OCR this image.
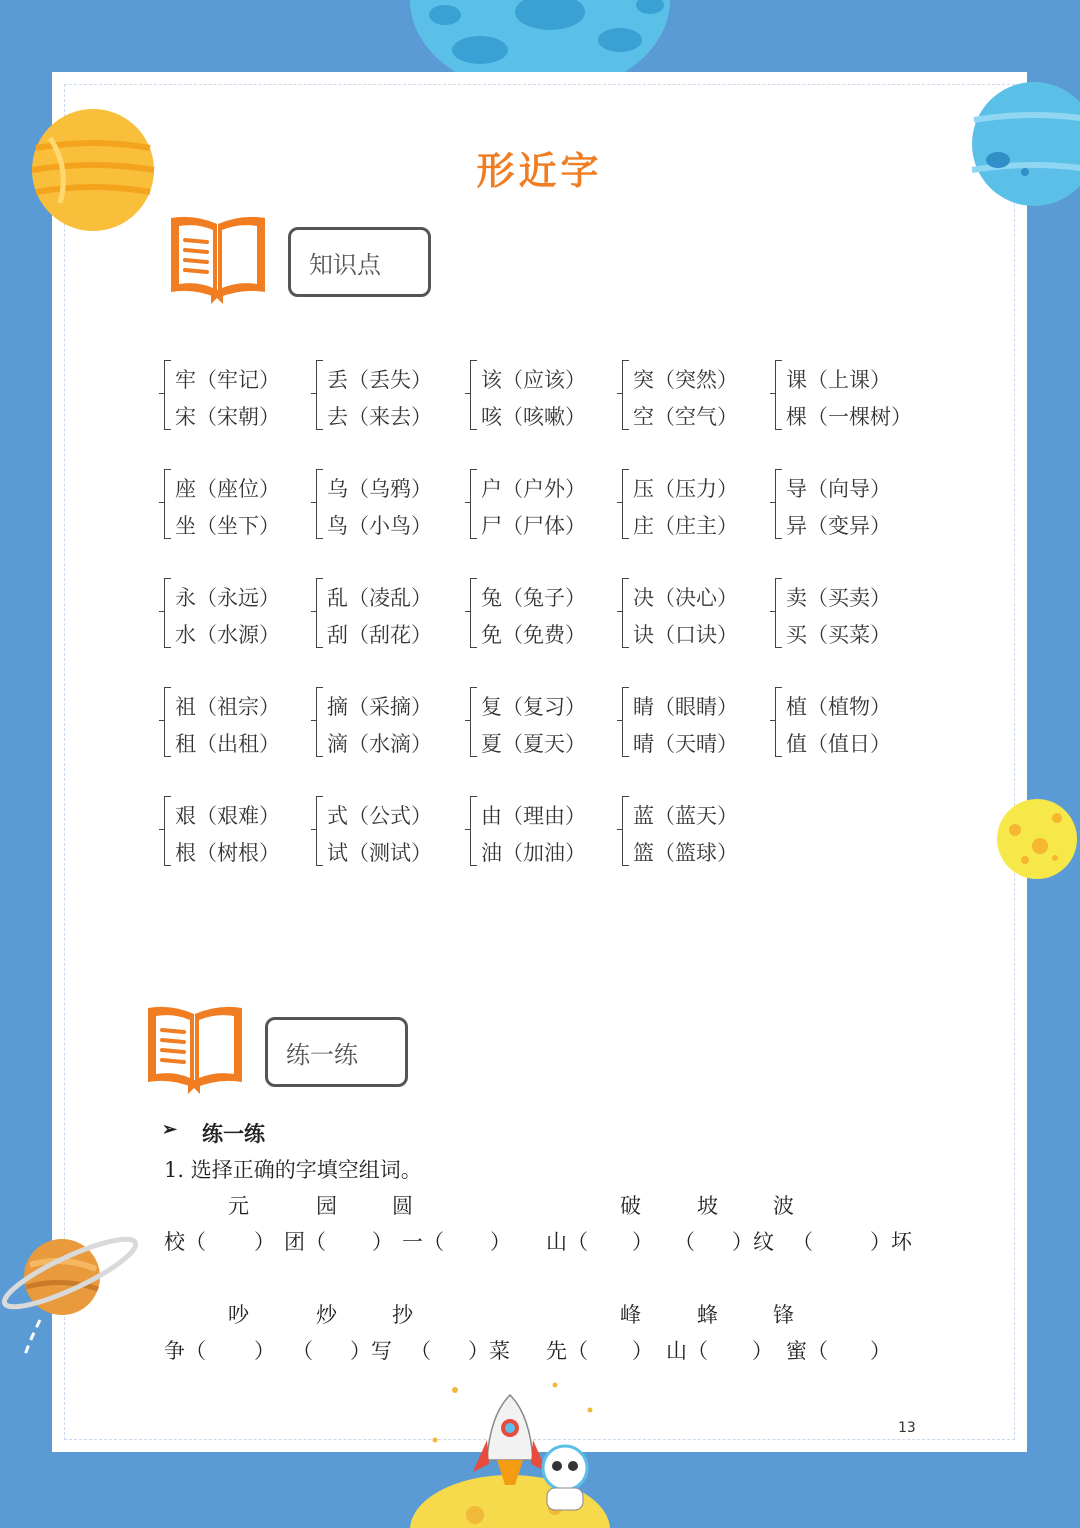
形近字
知识点
牢（牢记）
宋（宋朝）
丢（丢失）
去（来去）
该（应该）
咳（咳嗽）
突（突然）
空（空气）
课（上课）
棵（一棵树）
座（座位）
坐（坐下）
乌（乌鸦）
鸟（小鸟）
户（户外）
尸（尸体）
压（压力）
庄（庄主）
导（向导）
异（变异）
永（永远）
水（水源）
乱（凌乱）
刮（刮花）
兔（兔子）
免（免费）
决（决心）
诀（口诀）
卖（买卖）
买（买菜）
祖（祖宗）
租（出租）
摘（采摘）
滴（水滴）
复（复习）
夏（夏天）
睛（眼睛）
晴（天晴）
植（植物）
值（值日）
艰（艰难）
根（树根）
式（公式）
试（测试）
由（理由）
油（加油）
蓝（蓝天）
篮（篮球）
练一练
➢ 练一练
1. 选择正确的字填空组词。
元	园	圆	破	坡	波
校（ ） 团（ ） 一（ ） 山（ ） （ ）纹 （	）坏
吵	炒	抄	峰	蜂	锋
争（ ） （ ）写 （ ）菜 先（ ） 山（ ） 蜜（ ）
13
